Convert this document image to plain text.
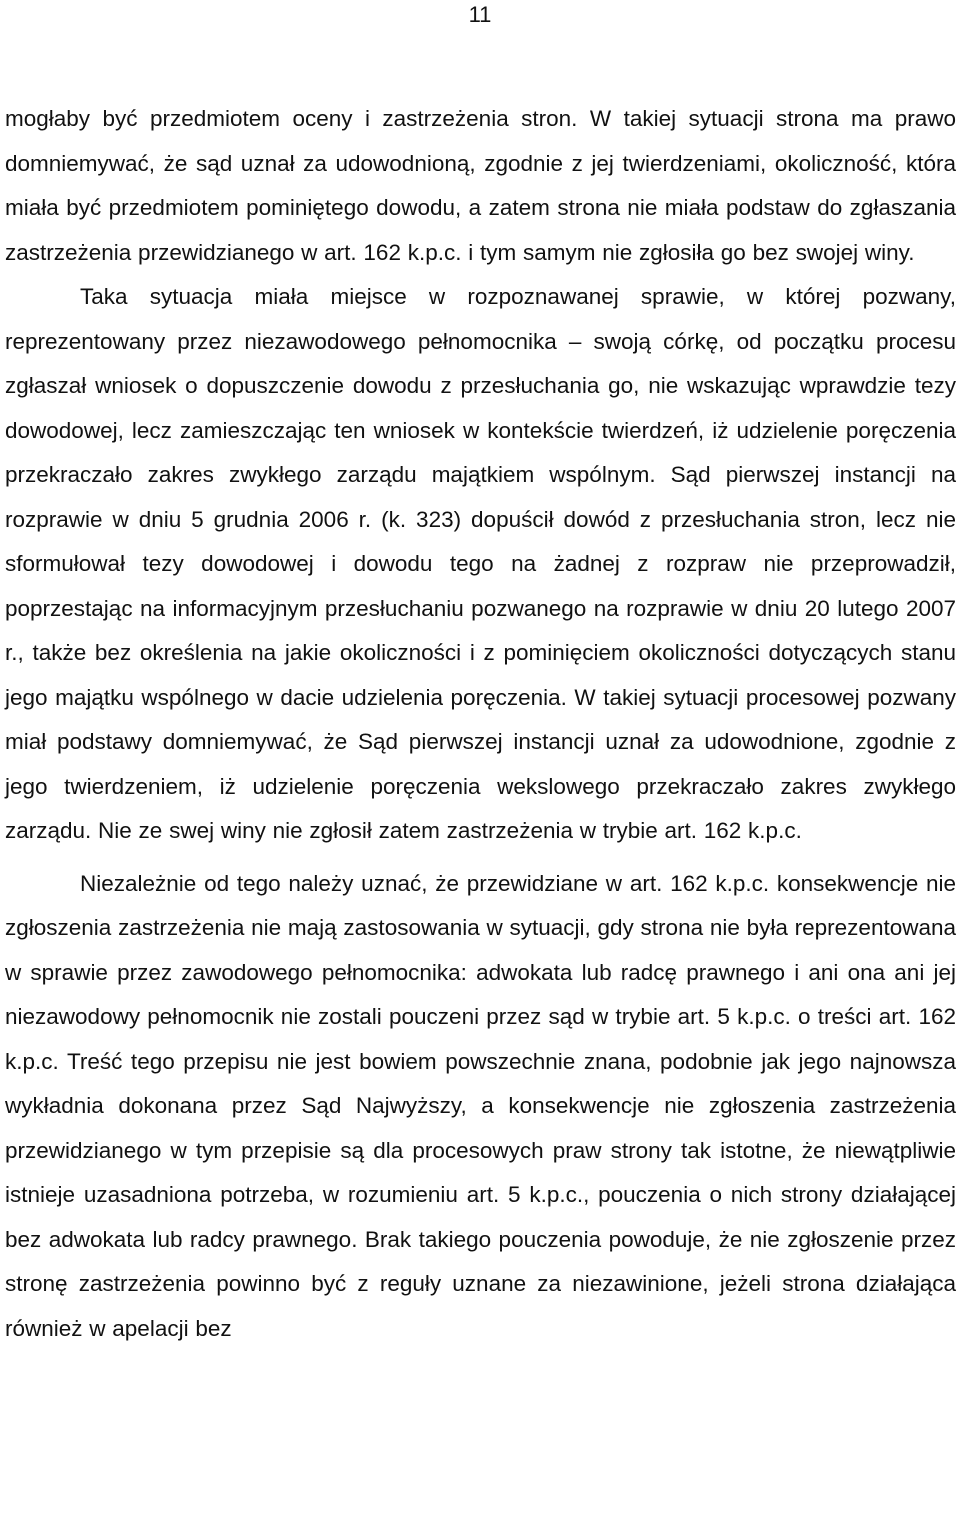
11

mogłaby być przedmiotem oceny i zastrzeżenia stron. W takiej sytuacji strona ma prawo domniemywać, że sąd uznał za udowodnioną, zgodnie z jej twierdzeniami, okoliczność, która miała być przedmiotem pominiętego dowodu, a zatem strona nie miała podstaw do zgłaszania zastrzeżenia przewidzianego w art. 162 k.p.c. i tym samym nie zgłosiła go bez swojej winy.

Taka sytuacja miała miejsce w rozpoznawanej sprawie, w której pozwany, reprezentowany przez niezawodowego pełnomocnika – swoją córkę, od początku procesu zgłaszał wniosek o dopuszczenie dowodu z przesłuchania go, nie wskazując wprawdzie tezy dowodowej, lecz zamieszczając ten wniosek w kontekście twierdzeń, iż udzielenie poręczenia przekraczało zakres zwykłego zarządu majątkiem wspólnym. Sąd pierwszej instancji na rozprawie w dniu 5 grudnia 2006 r. (k. 323) dopuścił dowód z przesłuchania stron, lecz nie sformułował tezy dowodowej i dowodu tego na żadnej z rozpraw nie przeprowadził, poprzestając na informacyjnym przesłuchaniu pozwanego na rozprawie w dniu 20 lutego 2007 r., także bez określenia na jakie okoliczności i z pominięciem okoliczności dotyczących stanu jego majątku wspólnego w dacie udzielenia poręczenia. W takiej sytuacji procesowej pozwany miał podstawy domniemywać, że Sąd pierwszej instancji uznał za udowodnione, zgodnie z jego twierdzeniem, iż udzielenie poręczenia wekslowego przekraczało zakres zwykłego zarządu. Nie ze swej winy nie zgłosił zatem zastrzeżenia w trybie art. 162 k.p.c.

Niezależnie od tego należy uznać, że przewidziane w art. 162 k.p.c. konsekwencje nie zgłoszenia zastrzeżenia nie mają zastosowania w sytuacji, gdy strona nie była reprezentowana w sprawie przez zawodowego pełnomocnika: adwokata lub radcę prawnego i ani ona ani jej niezawodowy pełnomocnik nie zostali pouczeni przez sąd w trybie art. 5 k.p.c. o treści art. 162 k.p.c. Treść tego przepisu nie jest bowiem powszechnie znana, podobnie jak jego najnowsza wykładnia dokonana przez Sąd Najwyższy, a konsekwencje nie zgłoszenia zastrzeżenia przewidzianego w tym przepisie są dla procesowych praw strony tak istotne, że niewątpliwie istnieje uzasadniona potrzeba, w rozumieniu art. 5 k.p.c., pouczenia o nich strony działającej bez adwokata lub radcy prawnego. Brak takiego pouczenia powoduje, że nie zgłoszenie przez stronę zastrzeżenia powinno być z reguły uznane za niezawinione, jeżeli strona działająca również w apelacji bez
